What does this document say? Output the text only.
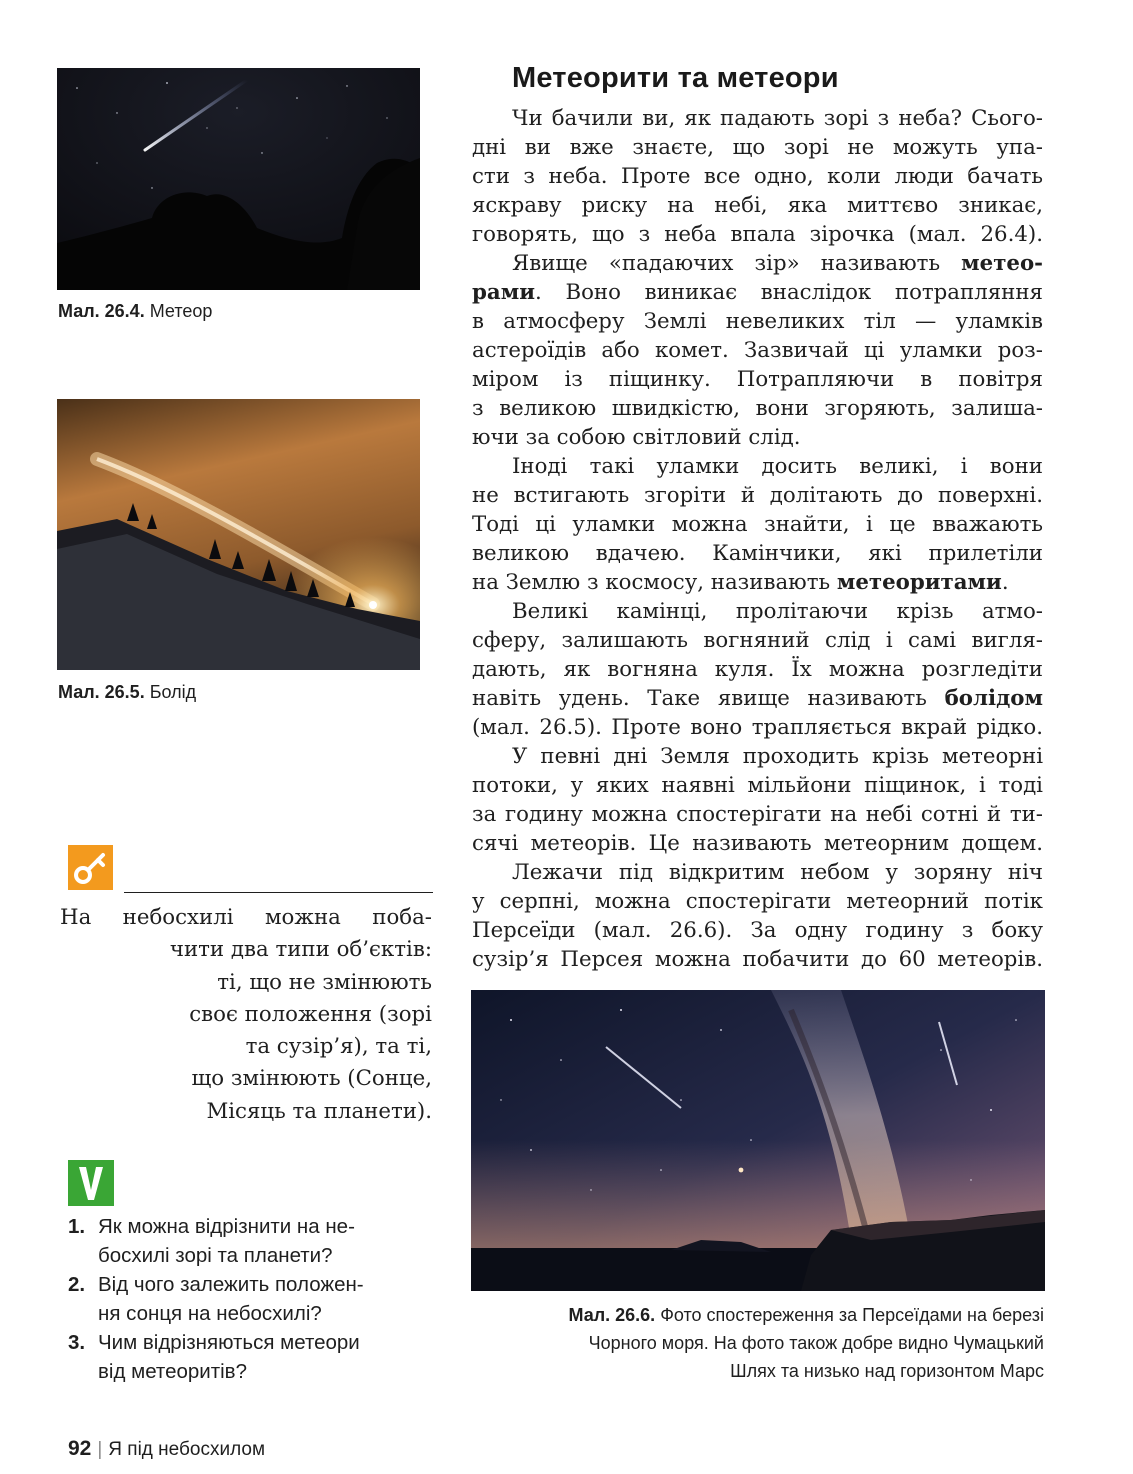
Мал. 26.4. Метеор
Мал. 26.5. Болід
Метеорити та метеори
Чи бачили ви, як падають зорі з неба? Сього-
дні ви вже знаєте, що зорі не можуть упа-
сти з неба. Проте все одно, коли люди бачать
яскраву риску на небі, яка миттєво зникає,
говорять, що з неба впала зірочка (мал. 26.4).
Явище «падаючих зір» називають метео-
рами. Воно виникає внаслідок потрапляння
в атмосферу Землі невеликих тіл — уламків
астероїдів або комет. Зазвичай ці уламки роз-
міром із піщинку. Потрапляючи в повітря
з великою швидкістю, вони згоряють, залиша-
ючи за собою світловий слід.
Іноді такі уламки досить великі, і вони
не встигають згоріти й долітають до поверхні.
Тоді ці уламки можна знайти, і це вважають
великою вдачею. Камінчики, які прилетіли
на Землю з космосу, називають метеоритами.
Великі камінці, пролітаючи крізь атмо-
сферу, залишають вогняний слід і самі вигля-
дають, як вогняна куля. Їх можна розгледіти
навіть удень. Таке явище називають болідом
(мал. 26.5). Проте воно трапляється вкрай рідко.
У певні дні Земля проходить крізь метеорні
потоки, у яких наявні мільйони піщинок, і тоді
за годину можна спостерігати на небі сотні й ти-
сячі метеорів. Це називають метеорним дощем.
Лежачи під відкритим небом у зоряну ніч
у серпні, можна спостерігати метеорний потік
Персеїди (мал. 26.6). За одну годину з боку
сузір’я Персея можна побачити до 60 метеорів.
Мал. 26.6. Фото спостереження за Персеїдами на березі
Чорного моря. На фото також добре видно Чумацький
Шлях та низько над горизонтом Марс
На небосхилі можна поба-
чити два типи об’єктів:
ті, що не змінюють
своє положення (зорі
та сузір’я), та ті,
що змінюють (Сонце,
Місяць та планети).
1. Як можна відрізнити на не-
босхилі зорі та планети?
2. Від чого залежить положен-
ня сонця на небосхилі?
3. Чим відрізняються метеори
від метеоритів?
92 | Я під небосхилом
